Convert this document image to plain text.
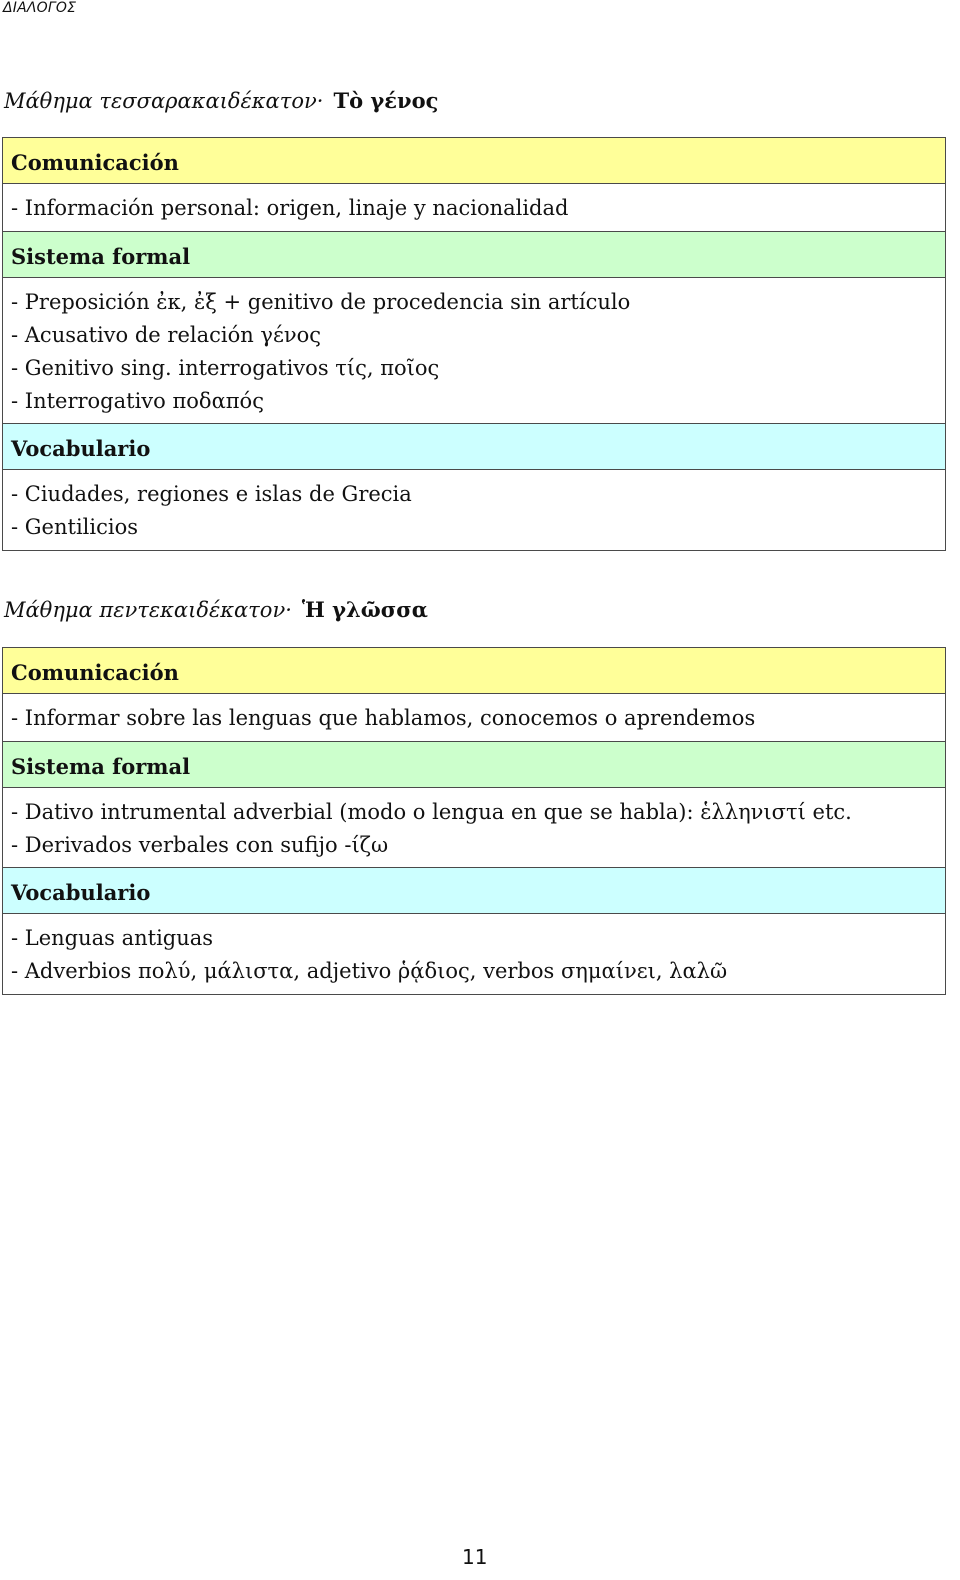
ΔΙΑΛΟΓΟΣ
Μάθημα τεσσαρακαιδέκατον· Τὸ γένος
Comunicación
- Información personal: origen, linaje y nacionalidad
Sistema formal
- Preposición ἐκ, ἐξ + genitivo de procedencia sin artículo
- Acusativo de relación γένος
- Genitivo sing. interrogativos τίς, ποῖος
- Interrogativo ποδαπός
Vocabulario
- Ciudades, regiones e islas de Grecia
- Gentilicios
Μάθημα πεντεκαιδέκατον· Ἡ γλῶσσα
Comunicación
- Informar sobre las lenguas que hablamos, conocemos o aprendemos
Sistema formal
- Dativo intrumental adverbial (modo o lengua en que se habla): ἑλληνιστί etc.
- Derivados verbales con sufijo -ίζω
Vocabulario
- Lenguas antiguas
- Adverbios πολύ, μάλιστα, adjetivo ῥᾴδιος, verbos σημαίνει, λαλῶ
11
